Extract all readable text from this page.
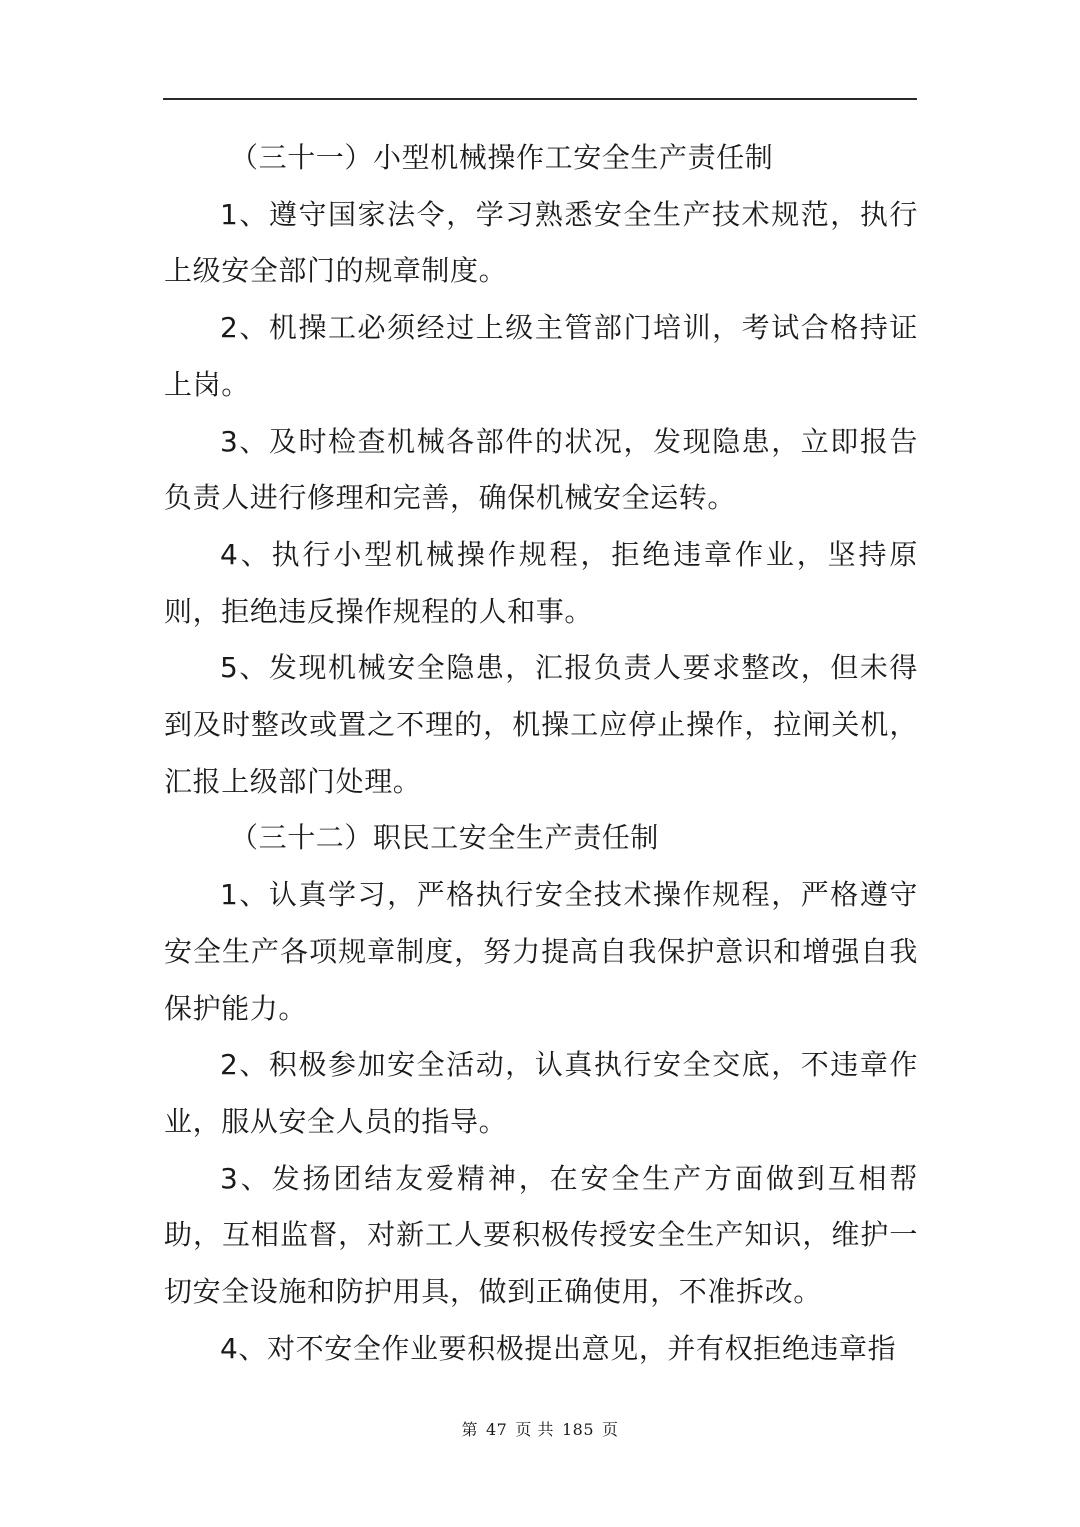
（三十一）小型机械操作工安全生产责任制

1、遵守国家法令，学习熟悉安全生产技术规范，执行上级安全部门的规章制度。

2、机操工必须经过上级主管部门培训，考试合格持证上岗。

3、及时检查机械各部件的状况，发现隐患，立即报告负责人进行修理和完善，确保机械安全运转。

4、执行小型机械操作规程，拒绝违章作业，坚持原则，拒绝违反操作规程的人和事。

5、发现机械安全隐患，汇报负责人要求整改，但未得到及时整改或置之不理的，机操工应停止操作，拉闸关机，汇报上级部门处理。

（三十二）职民工安全生产责任制

1、认真学习，严格执行安全技术操作规程，严格遵守安全生产各项规章制度，努力提高自我保护意识和增强自我保护能力。

2、积极参加安全活动，认真执行安全交底，不违章作业，服从安全人员的指导。

3、发扬团结友爱精神，在安全生产方面做到互相帮助，互相监督，对新工人要积极传授安全生产知识，维护一切安全设施和防护用具，做到正确使用，不准拆改。

4、对不安全作业要积极提出意见，并有权拒绝违章指

第 47 页 共 185 页
